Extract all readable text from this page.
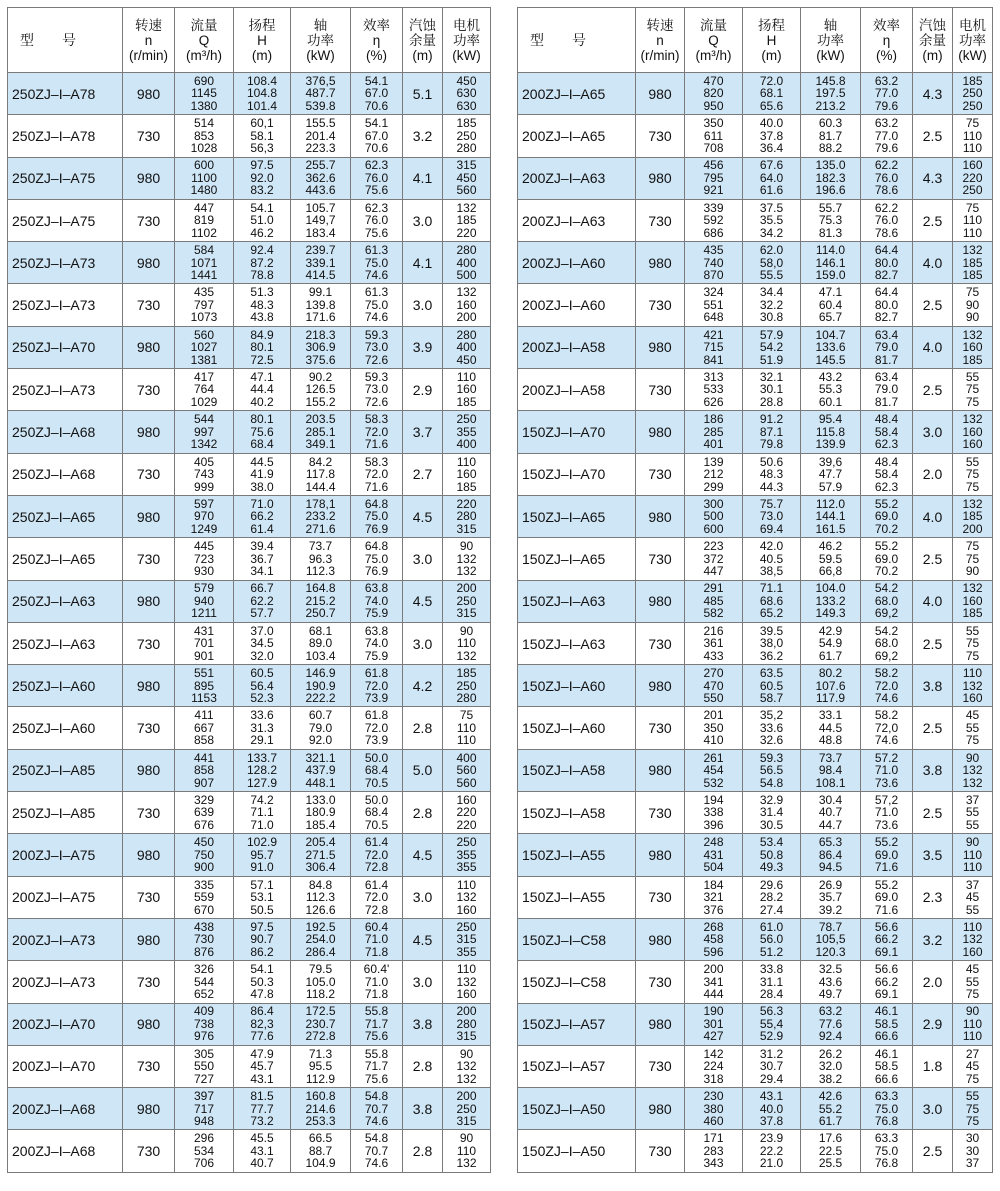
型　　号	转速
n
(r/min)	流量
Q
(m³/h)	扬程
H
(m)	轴
功率
(kW)	效率
η
(%)	汽蚀
余量
(m)	电机
功率
(kW)

250ZJ–I–A78	980	690
1145
1380	108.4
104.8
101.4	376,5
487.7
539.8	54.1
67.0
70.6	5.1	450
630
630

250ZJ–I–A78	730	514
853
1028	60,1
58.1
56,3	155.5
201.4
223.3	54.1
67.0
70.6	3.2	185
250
280

250ZJ–I–A75	980	600
1100
1480	97.5
92.0
83.2	255.7
362.6
443.6	62.3
76.0
75.6	4.1	315
450
560

250ZJ–I–A75	730	447
819
1102	54.1
51.0
46.2	105.7
149,7
183.4	62.3
76.0
75.6	3.0	132
185
220

250ZJ–I–A73	980	584
1071
1441	92.4
87.2
78.8	239.7
339.1
414.5	61.3
75.0
74.6	4.1	280
400
500

250ZJ–I–A73	730	435
797
1073	51.3
48.3
43.8	99.1
139.8
171.6	61.3
75.0
74.6	3.0	132
160
200

250ZJ–I–A70	980	560
1027
1381	84.9
80.1
72.5	218.3
306.9
375.6	59.3
73.0
72.6	3.9	280
400
450

250ZJ–I–A73	730	417
764
1029	47.1
44.4
40.2	90.2
126.5
155.2	59.3
73.0
72.6	2.9	110
160
185

250ZJ–I–A68	980	544
997
1342	80.1
75.6
68.4	203.5
285.1
349.1	58.3
72.0
71.6	3.7	250
355
400

250ZJ–I–A68	730	405
743
999	44.5
41.9
38.0	84.2
117.8
144.4	58.3
72.0
71.6	2.7	110
160
185

250ZJ–I–A65	980	597
970
1249	71.0
66.2
61.4	178,1
233.2
271.6	64.8
75.0
76.9	4.5	220
280
315

250ZJ–I–A65	730	445
723
930	39.4
36.7
34.1	73.7
96.3
112.3	64.8
75.0
76.9	3.0	90
132
132

250ZJ–I–A63	980	579
940
1211	66.7
62.2
57.7	164.8
215.2
250.7	63.8
74.0
75.9	4.5	200
250
315

250ZJ–I–A63	730	431
701
901	37.0
34.5
32.0	68.1
89.0
103.4	63.8
74.0
75.9	3.0	90
110
132

250ZJ–I–A60	980	551
895
1153	60.5
56.4
52.3	146.9
190.9
222.2	61.8
72.0
73.9	4.2	185
250
280

250ZJ–I–A60	730	411
667
858	33.6
31.3
29.1	60.7
79.0
92.0	61.8
72.0
73.9	2.8	75
110
110

250ZJ–I–A85	980	441
858
907	133.7
128.2
127.9	321.1
437.9
448.1	50.0
68.4
70.5	5.0	400
560
560

250ZJ–I–A85	730	329
639
676	74.2
71.1
71.0	133.0
180.9
185.4	50.0
68.4
70.5	2.8	160
220
220

200ZJ–I–A75	980	450
750
900	102.9
95.7
91.0	205.4
271.5
306.4	61.4
72.0
72.8	4.5	250
355
355

200ZJ–I–A75	730	335
559
670	57.1
53.1
50.5	84.8
112.3
126.6	61.4
72.0
72.8	3.0	110
132
160

200ZJ–I–A73	980	438
730
876	97.5
90.7
86.2	192.5
254.0
286.4	60.4
71.0
71.8	4.5	250
315
355

200ZJ–I–A73	730	326
544
652	54.1
50.3
47.8	79.5
105.0
118.2	60.4'
71.0
71.8	3.0	110
132
160

200ZJ–I–A70	980	409
738
976	86.4
82,3
77.6	172.5
230.7
272.8	55.8
71.7
75.6	3.8	200
280
315

200ZJ–I–A70	730	305
550
727	47.9
45.7
43.1	71.3
95.5
112.9	55.8
71.7
75.6	2.8	90
132
132

200ZJ–I–A68	980	397
717
948	81.5
77.7
73.2	160.8
214.6
253.3	54.8
70.7
74.6	3.8	200
250
315

200ZJ–I–A68	730	296
534
706	45.5
43.1
40.7	66.5
88.7
104.9	54.8
70.7
74.6	2.8	90
110
132
型　　号	转速
n
(r/min)	流量
Q
(m³/h)	扬程
H
(m)	轴
功率
(kW)	效率
η
(%)	汽蚀
余量
(m)	电机
功率
(kW)

200ZJ–I–A65	980	470
820
950	72.0
68.1
65.6	145.8
197.5
213.2	63.2
77.0
79.6	4.3	185
250
250

200ZJ–I–A65	730	350
611
708	40.0
37.8
36.4	60.3
81.7
88.2	63.2
77.0
79.6	2.5	75
110
110

200ZJ–I–A63	980	456
795
921	67.6
64.0
61.6	135.0
182.3
196.6	62.2
76.0
78.6	4.3	160
220
250

200ZJ–I–A63	730	339
592
686	37.5
35.5
34.2	55.7
75.3
81.3	62.2
76.0
78.6	2.5	75
110
110

200ZJ–I–A60	980	435
740
870	62.0
58,0
55.5	114.0
146.1
159.0	64.4
80.0
82.7	4.0	132
185
185

200ZJ–I–A60	730	324
551
648	34.4
32.2
30.8	47.1
60.4
65.7	64.4
80.0
82.7	2.5	75
90
90

200ZJ–I–A58	980	421
715
841	57.9
54.2
51.9	104.7
133.6
145.5	63.4
79.0
81.7	4.0	132
160
185

200ZJ–I–A58	730	313
533
626	32.1
30.1
28.8	43.2
55.3
60.1	63.4
79.0
81.7	2.5	55
75
75

150ZJ–I–A70	980	186
285
401	91.2
87.1
79.8	95.4
115.8
139.9	48.4
58.4
62.3	3.0	132
160
160

150ZJ–I–A70	730	139
212
299	50.6
48.3
44.3	39,6
47.7
57.9	48.4
58.4
62.3	2.0	55
75
75

150ZJ–I–A65	980	300
500
600	75.7
73.0
69.4	112.0
144.1
161.5	55.2
69.0
70.2	4.0	132
185
200

150ZJ–I–A65	730	223
372
447	42.0
40.5
38,5	46.2
59.5
66,8	55.2
69.0
70.2	2.5	75
75
90

150ZJ–I–A63	980	291
485
582	71.1
68.6
65.2	104.0
133.2
149.3	54.2
68.0
69,2	4.0	132
160
185

150ZJ–I–A63	730	216
361
433	39.5
38,0
36.2	42.9
54.9
61.7	54.2
68.0
69,2	2.5	55
75
75

150ZJ–I–A60	980	270
470
550	63.5
60.5
58.7	80.2
107.6
117.9	58.2
72.0
74.6	3.8	110
132
160

150ZJ–I–A60	730	201
350
410	35,2
33.6
32.6	33.1
44.5
48.8	58.2
72,0
74.6	2.5	45
55
75

150ZJ–I–A58	980	261
454
532	59.3
56.5
54.8	73.7
98.4
108.1	57.2
71.0
73.6	3.8	90
132
132

150ZJ–I–A58	730	194
338
396	32.9
31.4
30.5	30.4
40.7
44.7	57,2
71.0
73.6	2.5	37
55
55

150ZJ–I–A55	980	248
431
504	53.4
50.8
49.3	65.3
86.4
94.5	55.2
69.0
71.6	3.5	90
110
110

150ZJ–I–A55	730	184
321
376	29.6
28.2
27.4	26.9
35.7
39.2	55.2
69.0
71.6	2.3	37
45
55

150ZJ–I–C58	980	268
458
596	61.0
56.0
51.2	78.7
105,5
120.3	56.6
66.2
69.1	3.2	110
132
160

150ZJ–I–C58	730	200
341
444	33.8
31.1
28.4	32.5
43.6
49.7	56.6
66.2
69.1	2.0	45
55
75

150ZJ–I–A57	980	190
301
427	56.3
55,4
52.9	63.2
77.6
92.4	46.1
58.5
66.6	2.9	90
110
110

150ZJ–I–A57	730	142
224
318	31.2
30.7
29.4	26.2
32.0
38.2	46.1
58.5
66.6	1.8	27
45
75

150ZJ–I–A50	980	230
380
460	43.1
40.0
37.8	42.6
55.2
61.7	63.3
75.0
76.8	3.0	55
75
75

150ZJ–I–A50	730	171
283
343	23.9
22.2
21.0	17.6
22.5
25.5	63.3
75.0
76.8	2.5	30
30
37
